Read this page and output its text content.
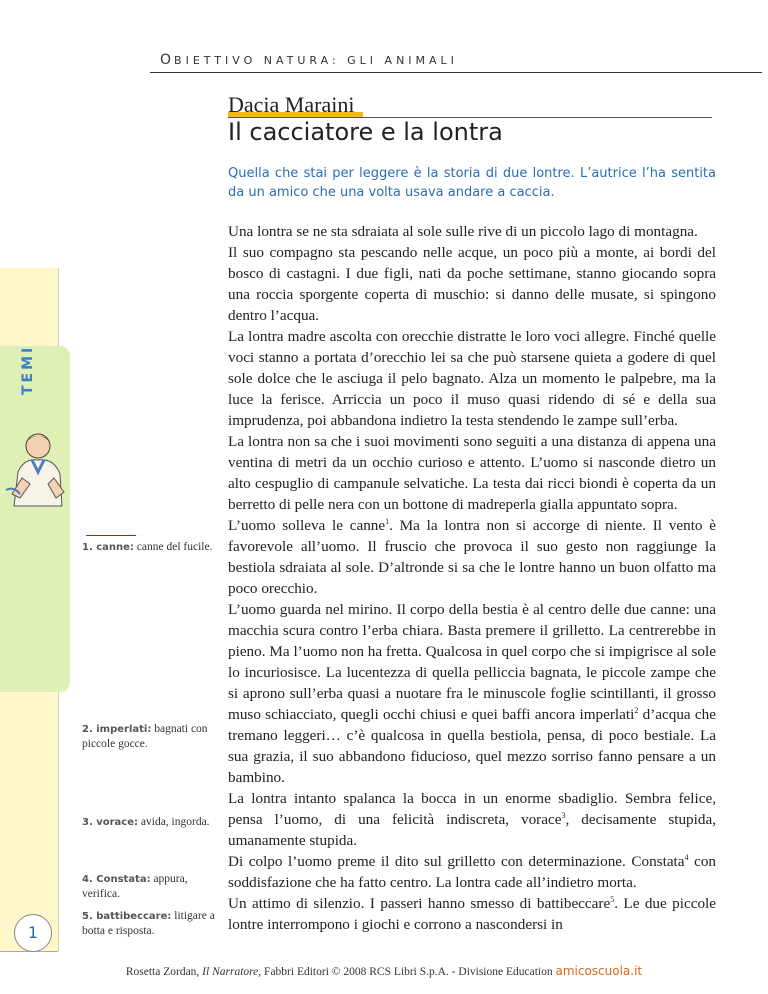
OBIETTIVO NATURA: GLI ANIMALI
Dacia Maraini
Il cacciatore e la lontra
Quella che stai per leggere è la storia di due lontre. L’autrice l’ha sentita da un amico che una volta usava andare a caccia.
TEMI
1. canne: canne del fucile.
2. imperlati: bagnati con piccole gocce.
3. vorace: avida, ingorda.
4. Constata: appura, verifica.
5. battibeccare: litigare a botta e risposta.
1

Una lontra se ne sta sdraiata al sole sulle rive di un piccolo lago di montagna.

Il suo compagno sta pescando nelle acque, un poco più a monte, ai bordi del bosco di castagni. I due figli, nati da poche settimane, stanno giocando sopra una roccia sporgente coperta di muschio: si danno delle musate, si spingono dentro l’acqua.

La lontra madre ascolta con orecchie distratte le loro voci allegre. Finché quelle voci stanno a portata d’orecchio lei sa che può starsene quieta a godere di quel sole dolce che le asciuga il pelo bagnato. Alza un momento le palpebre, ma la luce la ferisce. Arriccia un poco il muso quasi ridendo di sé e della sua imprudenza, poi abbandona indietro la testa stendendo le zampe sull’erba.

La lontra non sa che i suoi movimenti sono seguiti a una distanza di appena una ventina di metri da un occhio curioso e attento. L’uomo si nasconde dietro un alto cespuglio di campanule selvatiche. La testa dai ricci biondi è coperta da un berretto di pelle nera con un bottone di madreperla gialla appuntato sopra.

L’uomo solleva le canne$^1$. Ma la lontra non si accorge di niente. Il vento è favorevole all’uomo. Il fruscio che provoca il suo gesto non raggiunge la bestiola sdraiata al sole. D’altronde si sa che le lontre hanno un buon olfatto ma poco orecchio.

L’uomo guarda nel mirino. Il corpo della bestia è al centro delle due canne: una macchia scura contro l’erba chiara. Basta premere il grilletto. La centrerebbe in pieno. Ma l’uomo non ha fretta. Qualcosa in quel corpo che si impigrisce al sole lo incuriosisce. La lucentezza di quella pelliccia bagnata, le piccole zampe che si aprono sull’erba quasi a nuotare fra le minuscole foglie scintillanti, il grosso muso schiacciato, quegli occhi chiusi e quei baffi ancora imperlati$^2$ d’acqua che tremano leggeri… c’è qualcosa in quella bestiola, pensa, di poco bestiale. La sua grazia, il suo abbandono fiducioso, quel mezzo sorriso fanno pensare a un bambino.

La lontra intanto spalanca la bocca in un enorme sbadiglio. Sembra felice, pensa l’uomo, di una felicità indiscreta, vorace$^3$, decisamente stupida, umanamente stupida.

Di colpo l’uomo preme il dito sul grilletto con determinazione. Constata$^4$ con soddisfazione che ha fatto centro. La lontra cade all’indietro morta.

Un attimo di silenzio. I passeri hanno smesso di battibeccare$^5$. Le due piccole lontre interrompono i giochi e corrono a nascondersi in

Rosetta Zordan, Il Narratore, Fabbri Editori © 2008 RCS Libri S.p.A. - Divisione Education amicoscuola.it
